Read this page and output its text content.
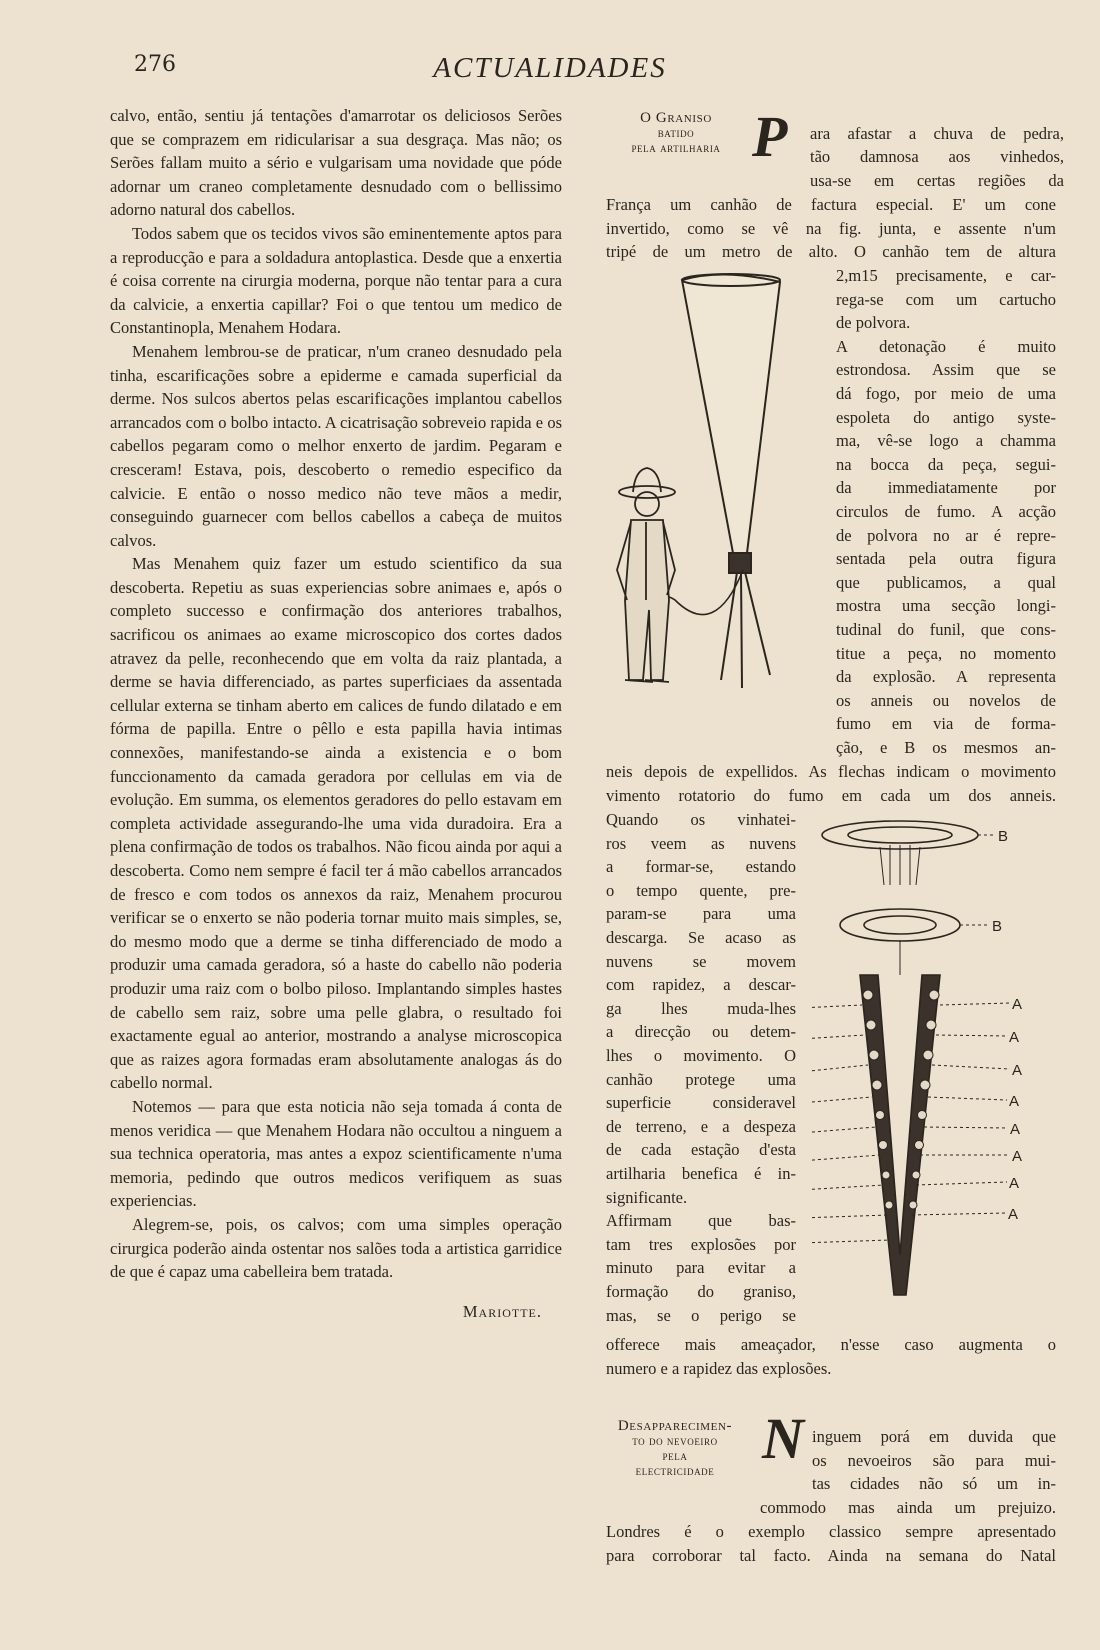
276	ACTUALIDADES

calvo, então, sentiu já tentações d'amarrotar os deliciosos Serões que se comprazem em ridicularisar a sua desgraça. Mas não; os Serões fallam muito a sério e vulgarisam uma novidade que póde adornar um craneo completamente desnudado com o bellissimo adorno natural dos cabellos.

Todos sabem que os tecidos vivos são eminentemente aptos para a reproducção e para a soldadura antoplastica. Desde que a enxertia é coisa corrente na cirurgia moderna, porque não tentar para a cura da calvicie, a enxertia capillar? Foi o que tentou um medico de Constantinopla, Menahem Hodara.

Menahem lembrou-se de praticar, n'um craneo desnudado pela tinha, escarificações sobre a epiderme e camada superficial da derme. Nos sulcos abertos pelas escarificações implantou cabellos arrancados com o bolbo intacto. A cicatrisação sobreveio rapida e os cabellos pegaram como o melhor enxerto de jardim. Pegaram e cresceram! Estava, pois, descoberto o remedio especifico da calvicie. E então o nosso medico não teve mãos a medir, conseguindo guarnecer com bellos cabellos a cabeça de muitos calvos.

Mas Menahem quiz fazer um estudo scientifico da sua descoberta. Repetiu as suas experiencias sobre animaes e, após o completo successo e confirmação dos anteriores trabalhos, sacrificou os animaes ao exame microscopico dos cortes dados atravez da pelle, reconhecendo que em volta da raiz plantada, a derme se havia differenciado, as partes superficiaes da assentada cellular externa se tinham aberto em calices de fundo dilatado e em fórma de papilla. Entre o pêllo e esta papilla havia intimas connexões, manifestando-se ainda a existencia e o bom funccionamento da camada geradora por cellulas em via de evolução. Em summa, os elementos geradores do pello estavam em completa actividade assegurando-lhe uma vida duradoira. Era a plena confirmação de todos os trabalhos. Não ficou ainda por aqui a descoberta. Como nem sempre é facil ter á mão cabellos arrancados de fresco e com todos os annexos da raiz, Menahem procurou verificar se o enxerto se não poderia tornar muito mais simples, se, do mesmo modo que a derme se tinha differenciado de modo a produzir uma camada geradora, só a haste do cabello não poderia produzir uma raiz com o bolbo piloso. Implantando simples hastes de cabello sem raiz, sobre uma pelle glabra, o resultado foi exactamente egual ao anterior, mostrando a analyse microscopica que as raizes agora formadas eram absolutamente analogas ás do cabello normal.

Notemos — para que esta noticia não seja tomada á conta de menos veridica — que Menahem Hodara não occultou a ninguem a sua technica operatoria, mas antes a expoz scientificamente n'uma memoria, pedindo que outros medicos verifiquem as suas experiencias.

Alegrem-se, pois, os calvos; com uma simples operação cirurgica poderão ainda ostentar nos salões toda a artistica garridice de que é capaz uma cabelleira bem tratada.

Mariotte.
O Graniso
batido
pela artilharia P ara afastar a chuva de pedra,
tão damnosa aos vinhedos,
usa-se em certas regiões da
França um canhão de factura especial. E' um cone
invertido, como se vê na fig. junta, e assente n'um
tripé de um metro de alto. O canhão tem de altura
2,m15 precisamente, e car-
rega-se com um cartucho
de polvora.
A detonação é muito
estrondosa. Assim que se
dá fogo, por meio de uma
espoleta do antigo syste-
ma, vê-se logo a chamma
na bocca da peça, segui-
da immediatamente por
circulos de fumo. A acção
de polvora no ar é repre-
sentada pela outra figura
que publicamos, a qual
mostra uma secção longi-
tudinal do funil, que cons-
titue a peça, no momento
da explosão. A representa
os anneis ou novelos de
fumo em via de forma-
ção, e B os mesmos an-
neis depois de expellidos. As flechas indicam o movimento
vimento rotatorio do fumo em cada um dos anneis.
Quando os vinhatei-
ros veem as nuvens
a formar-se, estando
o tempo quente, pre-
param-se para uma
descarga. Se acaso as
nuvens se movem
com rapidez, a descar-
ga lhes muda-lhes
a direcção ou detem-
lhes o movimento. O
canhão protege uma
superficie consideravel
de terreno, e a despeza
de cada estação d'esta
artilharia benefica é in-
significante.
Affirmam que bas-
tam tres explosões por
minuto para evitar a
formação do graniso,
mas, se o perigo se
offerece mais ameaçador, n'esse caso augmenta o
numero e a rapidez das explosões.
B
B
A
A
A
A
A
A
A
A
Desapparecimen-
to do nevoeiro
pela
electricidade N inguem porá em duvida que
os nevoeiros são para mui-
tas cidades não só um in-
commodo mas ainda um prejuizo.
Londres é o exemplo classico sempre apresentado
para corroborar tal facto. Ainda na semana do Natal
